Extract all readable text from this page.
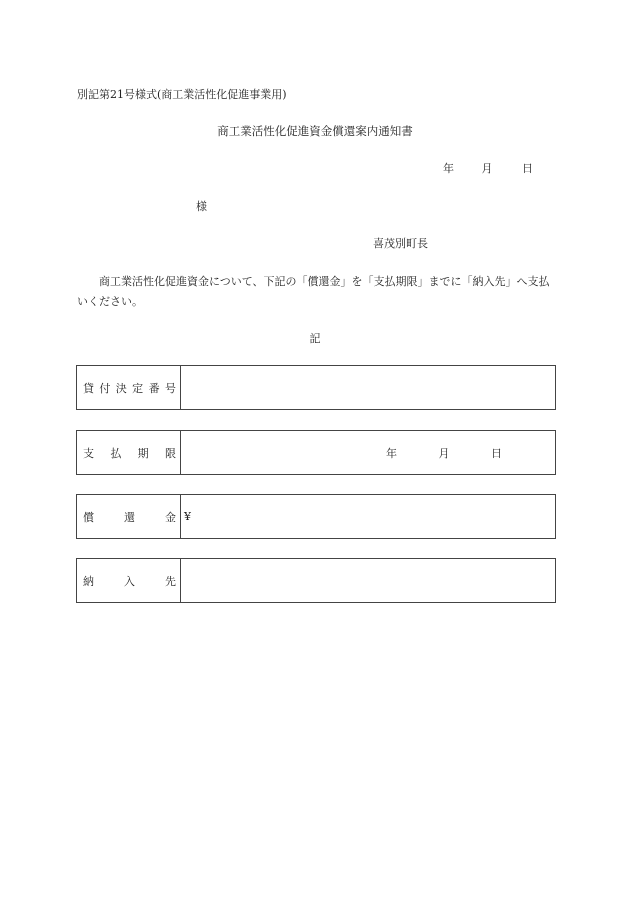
別記第21号様式(商工業活性化促進事業用)
商工業活性化促進資金償還案内通知書
年	月	日
様
喜茂別町長
商工業活性化促進資金について、下記の「償還金」を「支払期限」までに「納入先」へ支払いください。
記
貸 付 決 定 番 号
支 払 期 限	年	月	日
償	還	金 ¥
納	入	先
